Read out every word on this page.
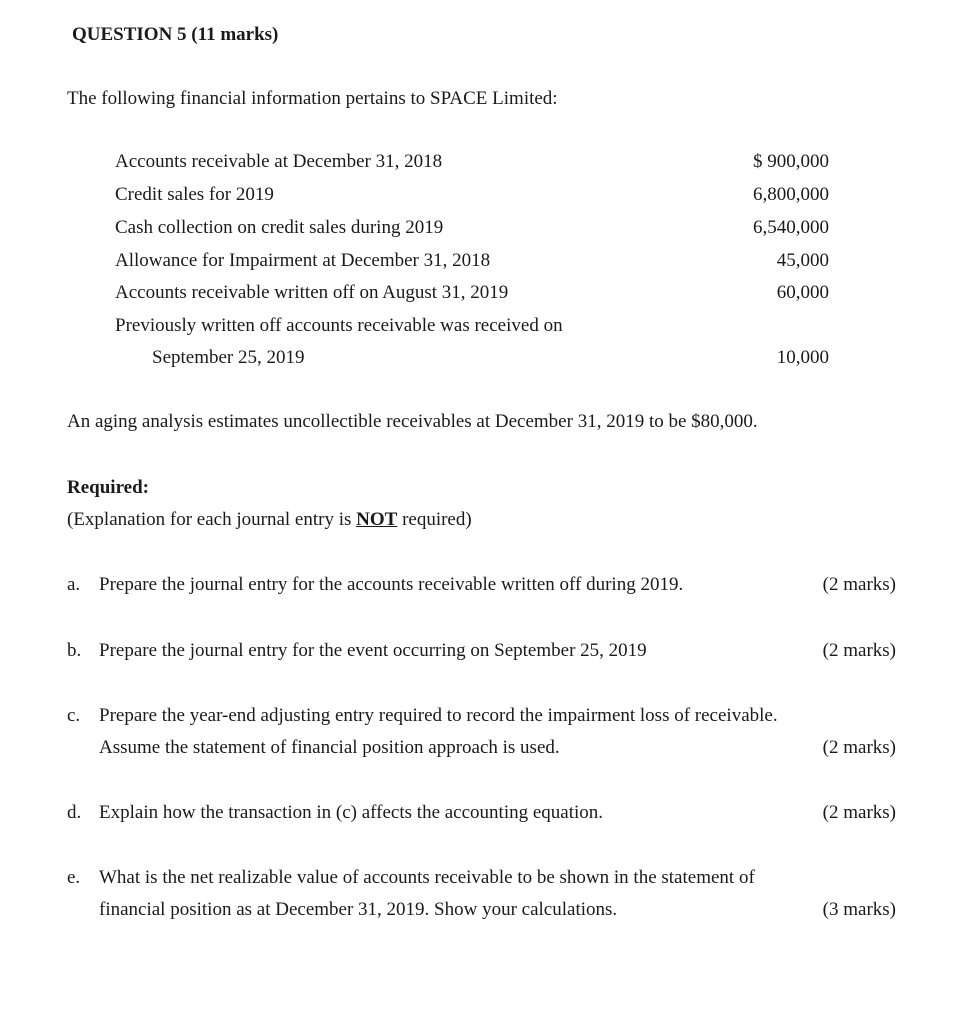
QUESTION 5 (11 marks)
The following financial information pertains to SPACE Limited:
Accounts receivable at December 31, 2018	$ 900,000
Credit sales for 2019	6,800,000
Cash collection on credit sales during 2019	6,540,000
Allowance for Impairment at December 31, 2018	45,000
Accounts receivable written off on August 31, 2019	60,000
Previously written off accounts receivable was received on
September 25, 2019	10,000
An aging analysis estimates uncollectible receivables at December 31, 2019 to be $80,000.
Required:
(Explanation for each journal entry is NOT required)
a. Prepare the journal entry for the accounts receivable written off during 2019.	(2 marks)
b. Prepare the journal entry for the event occurring on September 25, 2019	(2 marks)
c. Prepare the year-end adjusting entry required to record the impairment loss of receivable.
Assume the statement of financial position approach is used.	(2 marks)
d. Explain how the transaction in (c) affects the accounting equation.	(2 marks)
e. What is the net realizable value of accounts receivable to be shown in the statement of
financial position as at December 31, 2019. Show your calculations.	(3 marks)
